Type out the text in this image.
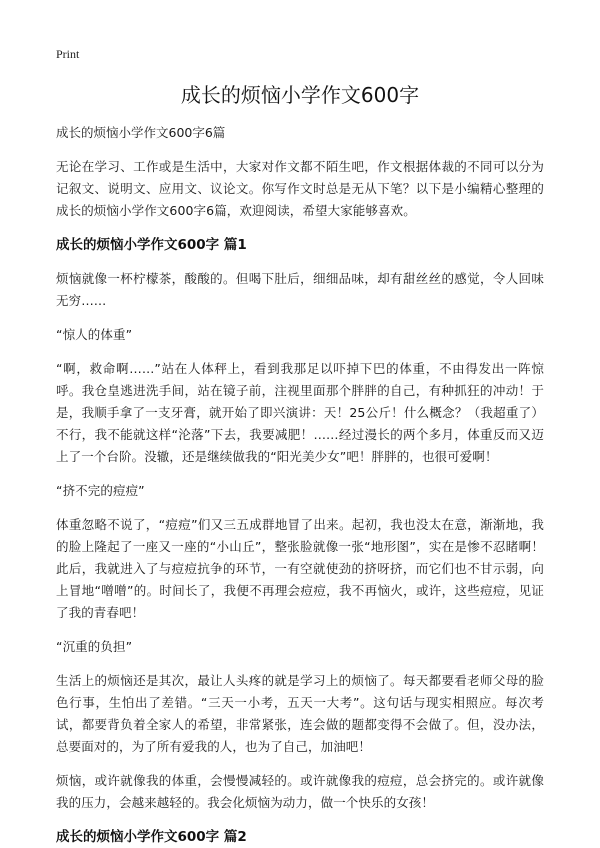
Print
成长的烦恼小学作文600字
成长的烦恼小学作文600字6篇

无论在学习、工作或是生活中，大家对作文都不陌生吧，作文根据体裁的不同可以分为记叙文、说明文、应用文、议论文。你写作文时总是无从下笔？以下是小编精心整理的成长的烦恼小学作文600字6篇，欢迎阅读，希望大家能够喜欢。

成长的烦恼小学作文600字 篇1

烦恼就像一杯柠檬茶，酸酸的。但喝下肚后，细细品味，却有甜丝丝的感觉，令人回味无穷……

“惊人的体重”

“啊，救命啊……”站在人体秤上，看到我那足以吓掉下巴的体重，不由得发出一阵惊呼。我仓皇逃进洗手间，站在镜子前，注视里面那个胖胖的自己，有种抓狂的冲动！于是，我顺手拿了一支牙膏，就开始了即兴演讲：天！25公斤！什么概念？（我超重了）不行，我不能就这样“沦落”下去，我要减肥！……经过漫长的两个多月，体重反而又迈上了一个台阶。没辙，还是继续做我的“阳光美少女”吧！胖胖的，也很可爱啊！

“挤不完的痘痘”

体重忽略不说了，“痘痘”们又三五成群地冒了出来。起初，我也没太在意，渐渐地，我的脸上隆起了一座又一座的“小山丘”，整张脸就像一张“地形图”，实在是惨不忍睹啊！此后，我就进入了与痘痘抗争的环节，一有空就使劲的挤呀挤，而它们也不甘示弱，向上冒地“噌噌”的。时间长了，我便不再理会痘痘，我不再恼火，或许，这些痘痘，见证了我的青春吧！

“沉重的负担”

生活上的烦恼还是其次，最让人头疼的就是学习上的烦恼了。每天都要看老师父母的脸色行事，生怕出了差错。“三天一小考，五天一大考”。这句话与现实相照应。每次考试，都要背负着全家人的希望，非常紧张，连会做的题都变得不会做了。但，没办法，总要面对的，为了所有爱我的人，也为了自己，加油吧！

烦恼，或许就像我的体重，会慢慢减轻的。或许就像我的痘痘，总会挤完的。或许就像我的压力，会越来越轻的。我会化烦恼为动力，做一个快乐的女孩！

成长的烦恼小学作文600字 篇2
